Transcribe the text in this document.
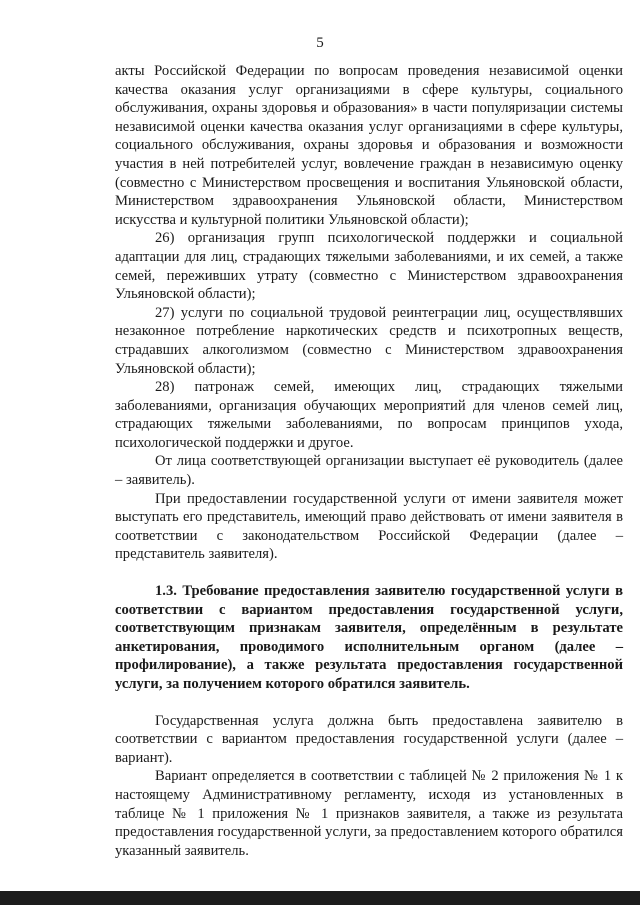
5

акты Российской Федерации по вопросам проведения независимой оценки качества оказания услуг организациями в сфере культуры, социального обслуживания, охраны здоровья и образования» в части популяризации системы независимой оценки качества оказания услуг организациями в сфере культуры, социального обслуживания, охраны здоровья и образования и возможности участия в ней потребителей услуг, вовлечение граждан в независимую оценку (совместно с Министерством просвещения и воспитания Ульяновской области, Министерством здравоохранения Ульяновской области, Министерством искусства и культурной политики Ульяновской области);

26) организация групп психологической поддержки и социальной адаптации для лиц, страдающих тяжелыми заболеваниями, и их семей, а также семей, переживших утрату (совместно с Министерством здравоохранения Ульяновской области);

27) услуги по социальной трудовой реинтеграции лиц, осуществлявших незаконное потребление наркотических средств и психотропных веществ, страдавших алкоголизмом (совместно с Министерством здравоохранения Ульяновской области);

28) патронаж семей, имеющих лиц, страдающих тяжелыми заболеваниями, организация обучающих мероприятий для членов семей лиц, страдающих тяжелыми заболеваниями, по вопросам принципов ухода, психологической поддержки и другое.

От лица соответствующей организации выступает её руководитель (далее – заявитель).

При предоставлении государственной услуги от имени заявителя может выступать его представитель, имеющий право действовать от имени заявителя в соответствии с законодательством Российской Федерации (далее – представитель заявителя).

1.3. Требование предоставления заявителю государственной услуги в соответствии с вариантом предоставления государственной услуги, соответствующим признакам заявителя, определённым в результате анкетирования, проводимого исполнительным органом (далее – профилирование), а также результата предоставления государственной услуги, за получением которого обратился заявитель.

Государственная услуга должна быть предоставлена заявителю в соответствии с вариантом предоставления государственной услуги (далее – вариант).

Вариант определяется в соответствии с таблицей № 2 приложения № 1 к настоящему Административному регламенту, исходя из установленных в таблице № 1 приложения № 1 признаков заявителя, а также из результата предоставления государственной услуги, за предоставлением которого обратился указанный заявитель.
